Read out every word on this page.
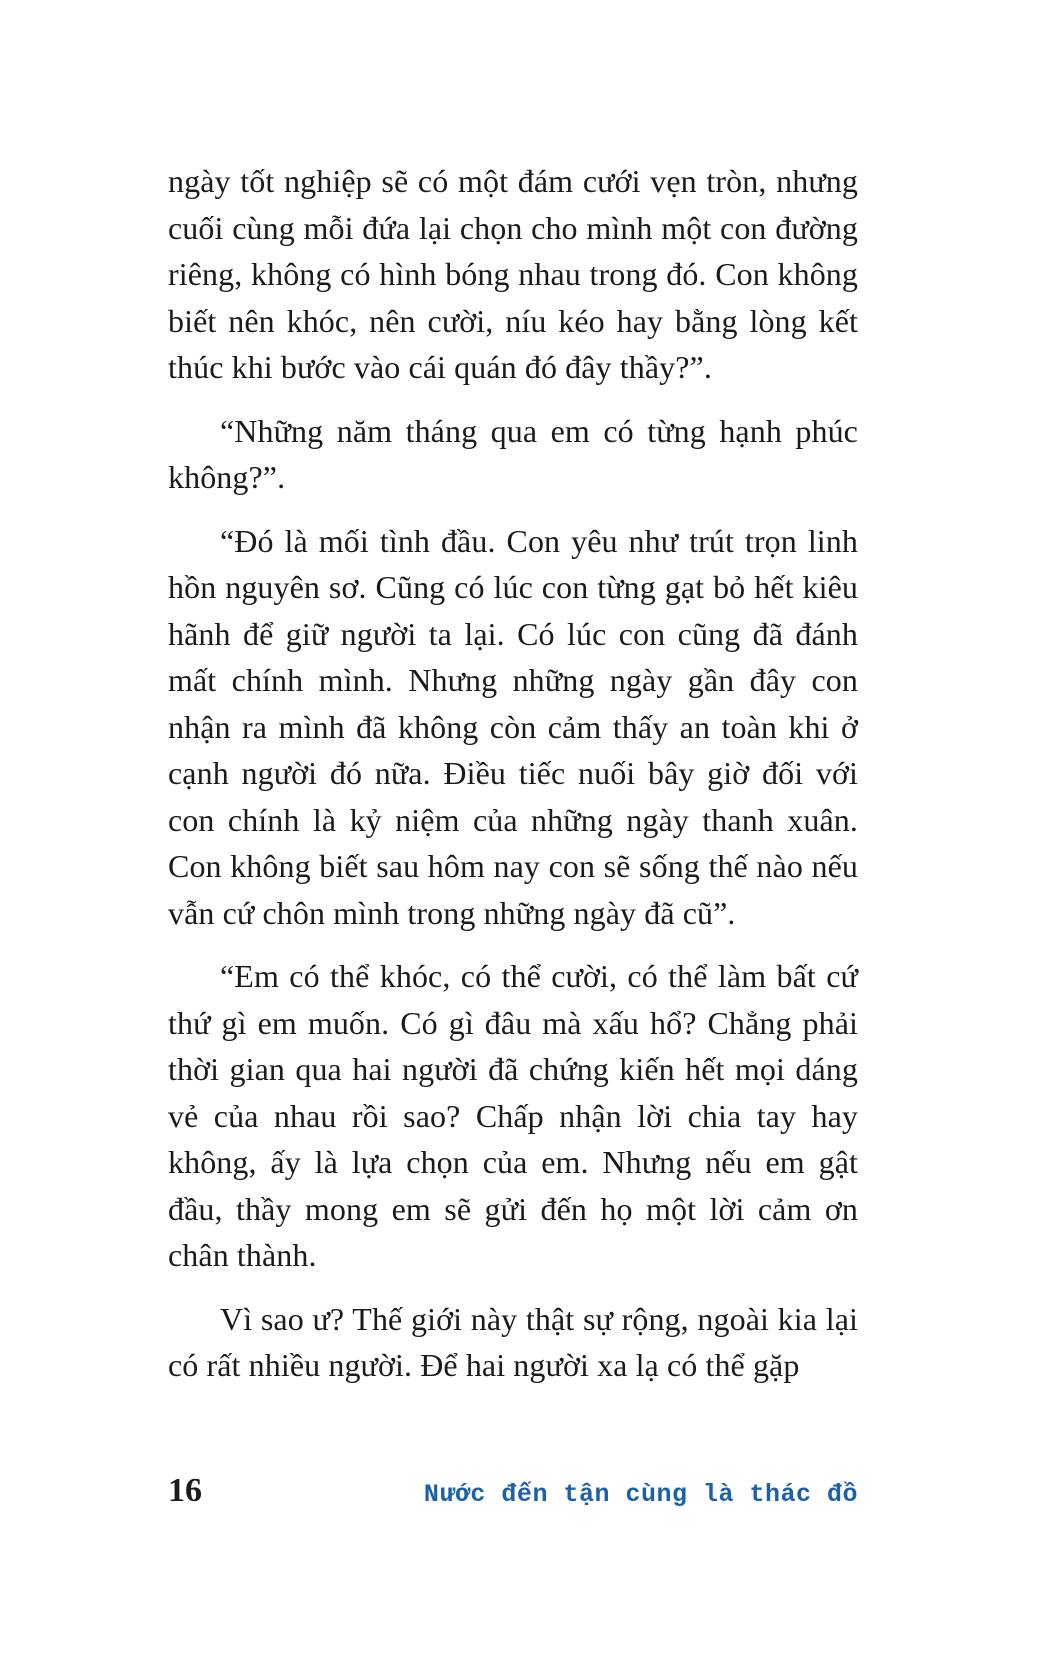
ngày tốt nghiệp sẽ có một đám cưới vẹn tròn, nhưng cuối cùng mỗi đứa lại chọn cho mình một con đường riêng, không có hình bóng nhau trong đó. Con không biết nên khóc, nên cười, níu kéo hay bằng lòng kết thúc khi bước vào cái quán đó đây thầy?”.

“Những năm tháng qua em có từng hạnh phúc không?”.

“Đó là mối tình đầu. Con yêu như trút trọn linh hồn nguyên sơ. Cũng có lúc con từng gạt bỏ hết kiêu hãnh để giữ người ta lại. Có lúc con cũng đã đánh mất chính mình. Nhưng những ngày gần đây con nhận ra mình đã không còn cảm thấy an toàn khi ở cạnh người đó nữa. Điều tiếc nuối bây giờ đối với con chính là kỷ niệm của những ngày thanh xuân. Con không biết sau hôm nay con sẽ sống thế nào nếu vẫn cứ chôn mình trong những ngày đã cũ”.

“Em có thể khóc, có thể cười, có thể làm bất cứ thứ gì em muốn. Có gì đâu mà xấu hổ? Chẳng phải thời gian qua hai người đã chứng kiến hết mọi dáng vẻ của nhau rồi sao? Chấp nhận lời chia tay hay không, ấy là lựa chọn của em. Nhưng nếu em gật đầu, thầy mong em sẽ gửi đến họ một lời cảm ơn chân thành.

Vì sao ư? Thế giới này thật sự rộng, ngoài kia lại có rất nhiều người. Để hai người xa lạ có thể gặp

16	Nước đến tận cùng là thác đồ
